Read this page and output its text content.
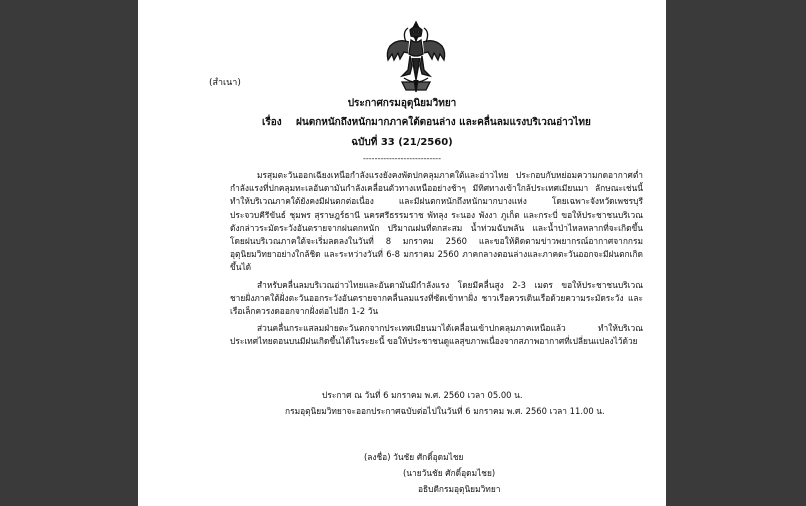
(สำเนา)
ประกาศกรมอุตุนิยมวิทยา
เรื่อง ฝนตกหนักถึงหนักมากภาคใต้ตอนล่าง และคลื่นลมแรงบริเวณอ่าวไทย
ฉบับที่ 33 (21/2560)
---------------------------

มรสุมตะวันออกเฉียงเหนือกำลังแรงยังคงพัดปกคลุมภาคใต้และอ่าวไทย ประกอบกับหย่อมความกดอากาศต่ำกำลังแรงที่ปกคลุมทะเลอันดามันกำลังเคลื่อนตัวทางเหนืออย่างช้าๆ มีทิศทางเข้าใกล้ประเทศเมียนมา ลักษณะเช่นนี้ทำให้บริเวณภาคใต้ยังคงมีฝนตกต่อเนื่อง และมีฝนตกหนักถึงหนักมากบางแห่ง โดยเฉพาะจังหวัดเพชรบุรี ประจวบคีรีขันธ์ ชุมพร สุราษฎร์ธานี นครศรีธรรมราช พัทลุง ระนอง พังงา ภูเก็ต และกระบี่ ขอให้ประชาชนบริเวณดังกล่าวระมัดระวังอันตรายจากฝนตกหนัก ปริมาณฝนที่ตกสะสม น้ำท่วมฉับพลัน และน้ำป่าไหลหลากที่จะเกิดขึ้น โดยฝนบริเวณภาคใต้จะเริ่มลดลงในวันที่ 8 มกราคม 2560 และขอให้ติดตามข่าวพยากรณ์อากาศจากกรมอุตุนิยมวิทยาอย่างใกล้ชิด และระหว่างวันที่ 6-8 มกราคม 2560 ภาคกลางตอนล่างและภาคตะวันออกจะมีฝนตกเกิดขึ้นได้

สำหรับคลื่นลมบริเวณอ่าวไทยและอันดามันมีกำลังแรง โดยมีคลื่นสูง 2-3 เมตร ขอให้ประชาชนบริเวณชายฝั่งภาคใต้ฝั่งตะวันออกระวังอันตรายจากคลื่นลมแรงที่ซัดเข้าหาฝั่ง ชาวเรือควรเดินเรือด้วยความระมัดระวัง และเรือเล็กควรงดออกจากฝั่งต่อไปอีก 1-2 วัน

ส่วนคลื่นกระแสลมฝ่ายตะวันตกจากประเทศเมียนมาได้เคลื่อนเข้าปกคลุมภาคเหนือแล้ว ทำให้บริเวณประเทศไทยตอนบนมีฝนเกิดขึ้นได้ในระยะนี้ ขอให้ประชาชนดูแลสุขภาพเนื่องจากสภาพอากาศที่เปลี่ยนแปลงไว้ด้วย

ประกาศ ณ วันที่ 6 มกราคม พ.ศ. 2560 เวลา 05.00 น.
กรมอุตุนิยมวิทยาจะออกประกาศฉบับต่อไปในวันที่ 6 มกราคม พ.ศ. 2560 เวลา 11.00 น.
(ลงชื่อ) วันชัย ศักดิ์อุดมไชย
(นายวันชัย ศักดิ์อุดมไชย)
อธิบดีกรมอุตุนิยมวิทยา
